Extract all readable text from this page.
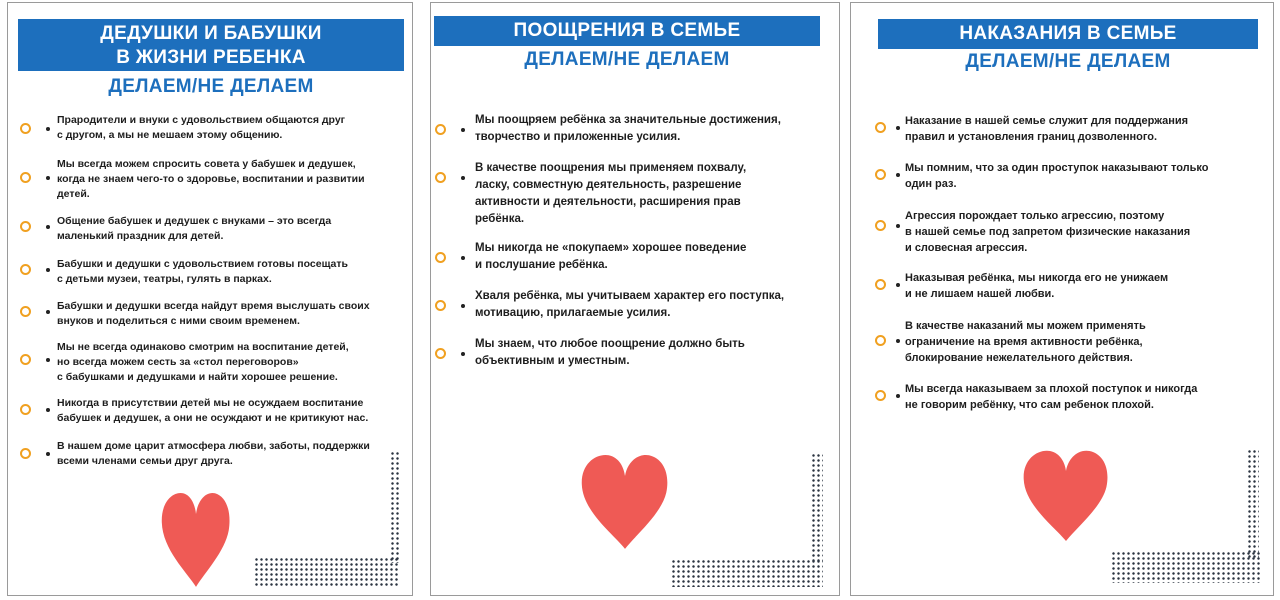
ДЕДУШКИ И БАБУШКИ
В ЖИЗНИ РЕБЕНКА
ДЕЛАЕМ/НЕ ДЕЛАЕМ
Прародители и внуки с удовольствием общаются друг
с другом, а мы не мешаем этому общению.
Мы всегда можем спросить совета у бабушек и дедушек,
когда не знаем чего-то о здоровье, воспитании и развитии
детей.
Общение бабушек и дедушек с внуками – это всегда
маленький праздник для детей.
Бабушки и дедушки с удовольствием готовы посещать
с детьми музеи, театры, гулять в парках.
Бабушки и дедушки всегда найдут время выслушать своих
внуков и поделиться с ними своим временем.
Мы не всегда одинаково смотрим на воспитание детей,
но всегда можем сесть за «стол переговоров»
с бабушками и дедушками и найти хорошее решение.
Никогда в присутствии детей мы не осуждаем воспитание
бабушек и дедушек, а они не осуждают и не критикуют нас.
В нашем доме царит атмосфера любви, заботы, поддержки
всеми членами семьи друг друга.
ПООЩРЕНИЯ В СЕМЬЕ
ДЕЛАЕМ/НЕ ДЕЛАЕМ
Мы поощряем ребёнка за значительные достижения,
творчество и приложенные усилия.
В качестве поощрения мы применяем похвалу,
ласку, совместную деятельность, разрешение
активности и деятельности, расширения прав
ребёнка.
Мы никогда не «покупаем» хорошее поведение
и послушание ребёнка.
Хваля ребёнка, мы учитываем характер его поступка,
мотивацию, прилагаемые усилия.
Мы знаем, что любое поощрение должно быть
объективным и уместным.
НАКАЗАНИЯ В СЕМЬЕ
ДЕЛАЕМ/НЕ ДЕЛАЕМ
Наказание в нашей семье служит для поддержания
правил и установления границ дозволенного.
Мы помним, что за один проступок наказывают только
один раз.
Агрессия порождает только агрессию, поэтому
в нашей семье под запретом физические наказания
и словесная агрессия.
Наказывая ребёнка, мы никогда его не унижаем
и не лишаем нашей любви.
В качестве наказаний мы можем применять
ограничение на время активности ребёнка,
блокирование нежелательного действия.
Мы всегда наказываем за плохой поступок и никогда
не говорим ребёнку, что сам ребенок плохой.
